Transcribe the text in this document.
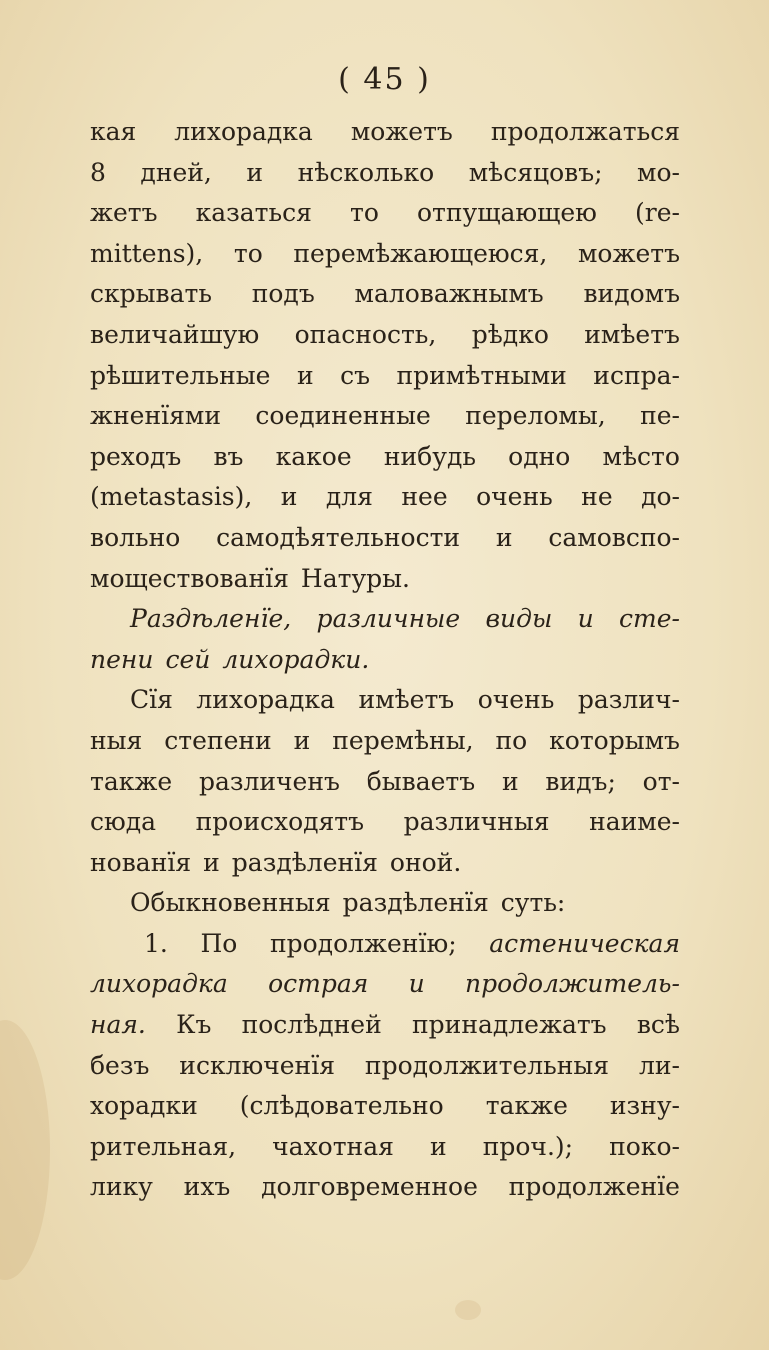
( 45 )
кая лихорадка можетъ продолжаться
8 дней, и нѣсколько мѣсяцовъ; мо-
жетъ казаться то отпущающею (re-
mittens), то перемѣжающеюся, можетъ
скрывать подъ маловажнымъ видомъ
величайшую опасность, рѣдко имѣетъ
рѣшительные и съ примѣтными испра-
жненїями соединенные переломы, пе-
реходъ въ какое нибудь одно мѣсто
(metastasis), и для нее очень не до-
вольно самодѣятельности и самовспо-
моществованїя Натуры.
Раздѣленїе, различные виды и сте-
пени сей лихорадки.
Сїя лихорадка имѣетъ очень различ-
ныя степени и перемѣны, по которымъ
также различенъ бываетъ и видъ; от-
сюда происходятъ различныя наиме-
нованїя и раздѣленїя оной.
Обыкновенныя раздѣленїя суть:
1. По продолженїю; астеническая
лихорадка острая и продолжитель-
ная. Къ послѣдней принадлежатъ всѣ
безъ исключенїя продолжительныя ли-
хорадки (слѣдовательно также изну-
рительная, чахотная и проч.); поко-
лику ихъ долговременное продолженїе
